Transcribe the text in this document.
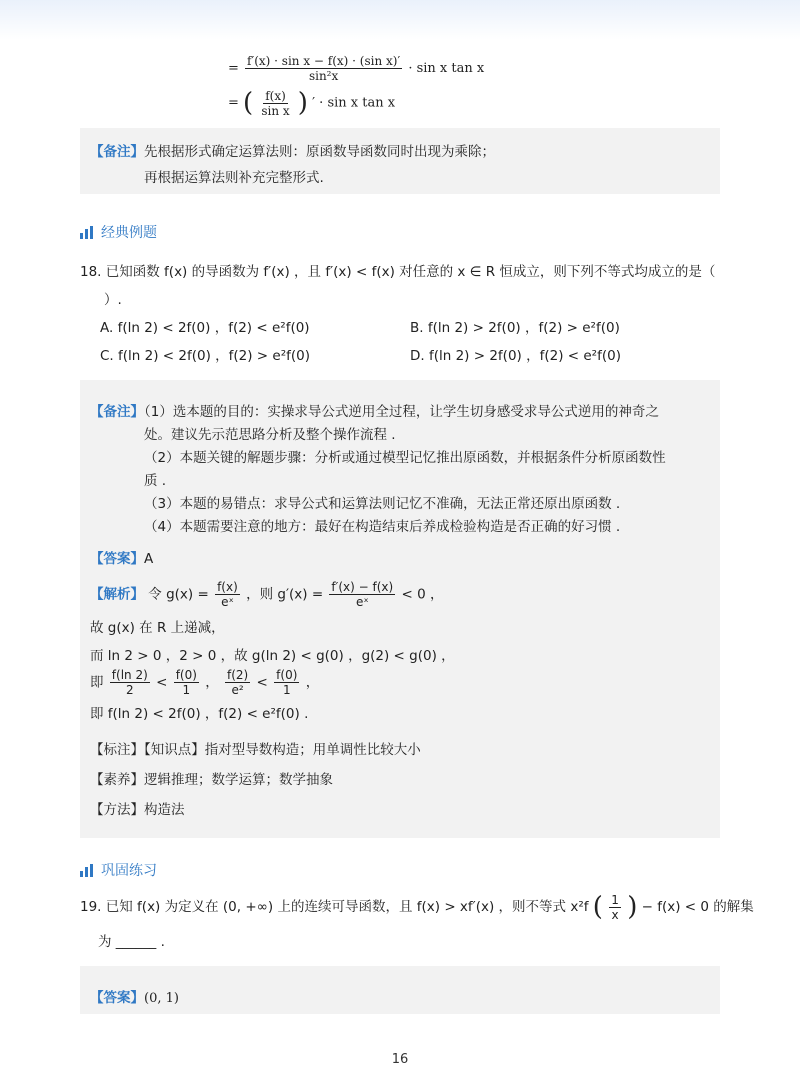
= $\frac{\text{f′(x) · sin x − f(x) · (sin x)′}}{\text{sin²x}} \cdot \sin x$ tan x
= ( $\frac{f(x)}{\text{sin x}}$ ) ′ · sin x tan x
【备注】先根据形式确定运算法则：原函数导函数同时出现为乘除；
再根据运算法则补充完整形式.
经典例题
18. 已知函数 f(x) 的导函数为 f′(x) ，且 f′(x) < f(x) 对任意的 x ∈ R 恒成立，则下列不等式均成立的是（
）.
A. f(ln 2) < 2f(0) ，f(2) < e²f(0)	B. f(ln 2) > 2f(0) ，f(2) > e²f(0)
C. f(ln 2) < 2f(0) ，f(2) > e²f(0)	D. f(ln 2) > 2f(0) ，f(2) < e²f(0)
【备注】（1）选本题的目的：实操求导公式逆用全过程，让学生切身感受求导公式逆用的神奇之
处。建议先示范思路分析及整个操作流程 .
（2）本题关键的解题步骤：分析或通过模型记忆推出原函数，并根据条件分析原函数性
质 .
（3）本题的易错点：求导公式和运算法则记忆不准确，无法正常还原出原函数 .
（4）本题需要注意的地方：最好在构造结束后养成检验构造是否正确的好习惯 .
【答案】A
【解析】 令 $g(x) = \frac{f(x)}{\text{eˣ}}$ ，则 $g'(x) = \frac{f'(x) - f(x)}{\text{eˣ}} < 0$ ，
故 g(x) 在 R 上递减，
而 ln 2 > 0 ，2 > 0 ，故 g(ln 2) < g(0) ，g(2) < g(0) ，
即 $\frac{f(\ln 2)}{2} < \frac{f(0)}{1}$ ， $\frac{f(2)}{\text{e²}} < \frac{f(0)}{1}$ ，
即 f(ln 2) < 2f(0) ，f(2) < e²f(0) .
【标注】【知识点】指对型导数构造；用单调性比较大小
【素养】逻辑推理；数学运算；数学抽象
【方法】构造法
巩固练习
19. 已知 f(x) 为定义在 (0, +∞) 上的连续可导函数，且 f(x) > xf′(x) ，则不等式 x²f ( $\frac{1}{x}$ ) − f(x) < 0 的解集
为 ______ .
【答案】(0, 1)
16
